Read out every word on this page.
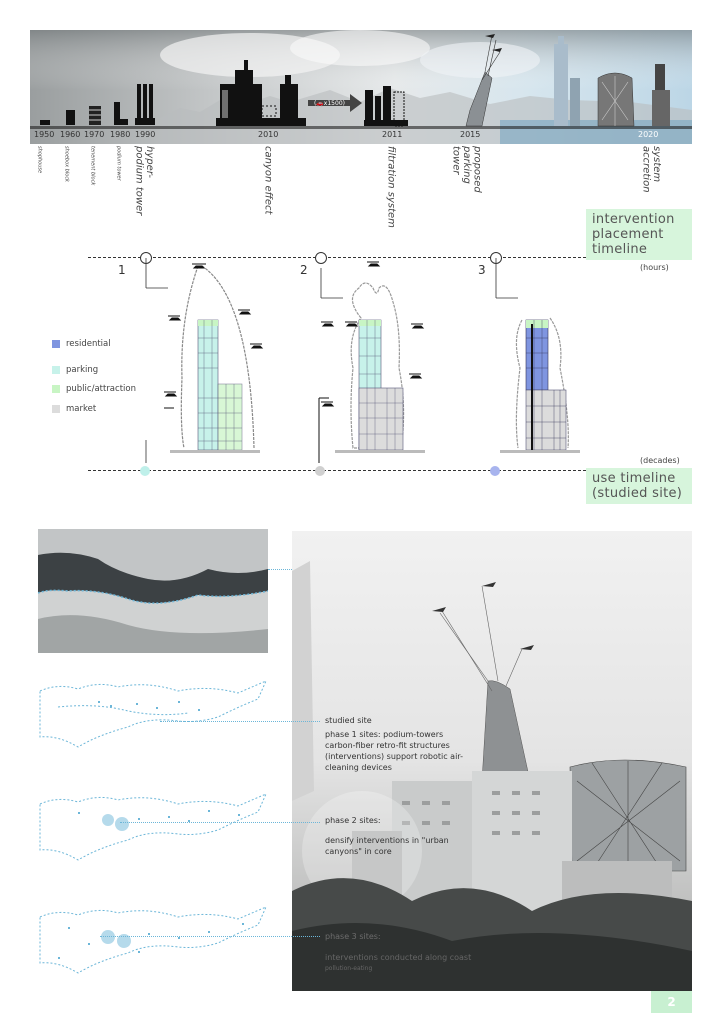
(🚗x1500)
1950 1960 1970 1980 1990	2010	2011	2015	2020
shophouse	shoebox block	tenement block	podium tower	hyper-
podium tower	canyon effect	filtration system	proposed
parking
tower	system
accretion
intervention
placement
timeline
(hours)
1	2	3
(decades)
use timeline
(studied site)
residential
parking
public/attraction
market
studied site
phase 1 sites: podium-towers
carbon-fiber retro-fit structures
(interventions) support robotic air-
cleaning devices
phase 2 sites:
densify interventions in "urban
canyons" in core
phase 3 sites:
interventions conducted along coast
pollution-eating
2
